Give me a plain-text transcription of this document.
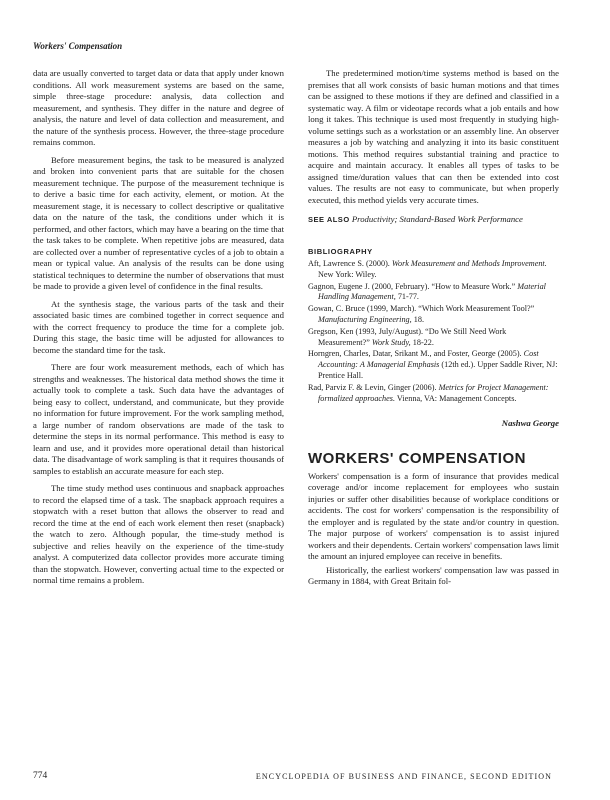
Workers' Compensation

data are usually converted to target data or data that apply under known conditions. All work measurement systems are based on the same, simple three-stage procedure: analysis, data collection and measurement, and synthesis. They differ in the nature and degree of analysis, the nature and level of data collection and measurement, and the nature of the synthesis process. However, the three-stage procedure remains common.

Before measurement begins, the task to be measured is analyzed and broken into convenient parts that are suitable for the chosen measurement technique. The purpose of the measurement technique is to derive a basic time for each activity, element, or motion. At the measurement stage, it is necessary to collect descriptive or qualitative data on the nature of the task, the conditions under which it is performed, and other factors, which may have a bearing on the time that the task takes to be complete. When repetitive jobs are measured, data are collected over a number of representative cycles of a job to obtain a mean or typical value. An analysis of the results can be done using statistical techniques to determine the number of observations that must be made to provide a given level of confidence in the final results.

At the synthesis stage, the various parts of the task and their associated basic times are combined together in correct sequence and with the correct frequency to produce the time for a complete job. During this stage, the basic time will be adjusted for allowances to become the standard time for the task.

There are four work measurement methods, each of which has strengths and weaknesses. The historical data method shows the time it actually took to complete a task. Such data have the advantages of being easy to collect, understand, and communicate, but they provide no information for future improvement. For the work sampling method, a large number of random observations are made of the task to determine the steps in its normal performance. This method is easy to learn and use, and it provides more operational detail than historical data. The disadvantage of work sampling is that it requires thousands of samples to establish an accurate measure for each step.

The time study method uses continuous and snapback approaches to record the elapsed time of a task. The snapback approach requires a stopwatch with a reset button that allows the observer to read and record the time at the end of each work element then reset (snapback) the watch to zero. Although popular, the time-study method is subjective and relies heavily on the experience of the time-study analyst. A computerized data collector provides more accurate timing than the stopwatch. However, converting actual time to the expected or normal time remains a problem.

The predetermined motion/time systems method is based on the premises that all work consists of basic human motions and that times can be assigned to these motions if they are defined and classified in a systematic way. A film or videotape records what a job entails and how long it takes. This technique is used most frequently in studying high-volume settings such as a workstation or an assembly line. An observer measures a job by watching and analyzing it into its basic constituent motions. This method requires substantial training and practice to acquire and maintain accuracy. It enables all types of tasks to be assigned time/duration values that can then be extended into cost values. The results are not easy to communicate, but when properly executed, this method yields very accurate times.

SEE ALSO Productivity; Standard-Based Work Performance

BIBLIOGRAPHY
Aft, Lawrence S. (2000). Work Measurement and Methods Improvement. New York: Wiley.
Gagnon, Eugene J. (2000, February). “How to Measure Work.” Material Handling Management, 71-77.
Gowan, C. Bruce (1999, March). “Which Work Measurement Tool?” Manufacturing Engineering, 18.
Gregson, Ken (1993, July/August). “Do We Still Need Work Measurement?” Work Study, 18-22.
Horngren, Charles, Datar, Srikant M., and Foster, George (2005). Cost Accounting: A Managerial Emphasis (12th ed.). Upper Saddle River, NJ: Prentice Hall.
Rad, Parviz F. & Levin, Ginger (2006). Metrics for Project Management: formalized approaches. Vienna, VA: Management Concepts.
Nashwa George
WORKERS' COMPENSATION

Workers' compensation is a form of insurance that provides medical coverage and/or income replacement for employees who sustain injuries or suffer other disabilities because of workplace conditions or accidents. The cost for workers' compensation is the responsibility of the employer and is regulated by the state and/or country in question. The major purpose of workers' compensation is to assist injured workers and their dependents. Certain workers' compensation laws limit the amount an injured employee can receive in benefits.

Historically, the earliest workers' compensation law was passed in Germany in 1884, with Great Britain fol-

774	ENCYCLOPEDIA OF BUSINESS AND FINANCE, SECOND EDITION
